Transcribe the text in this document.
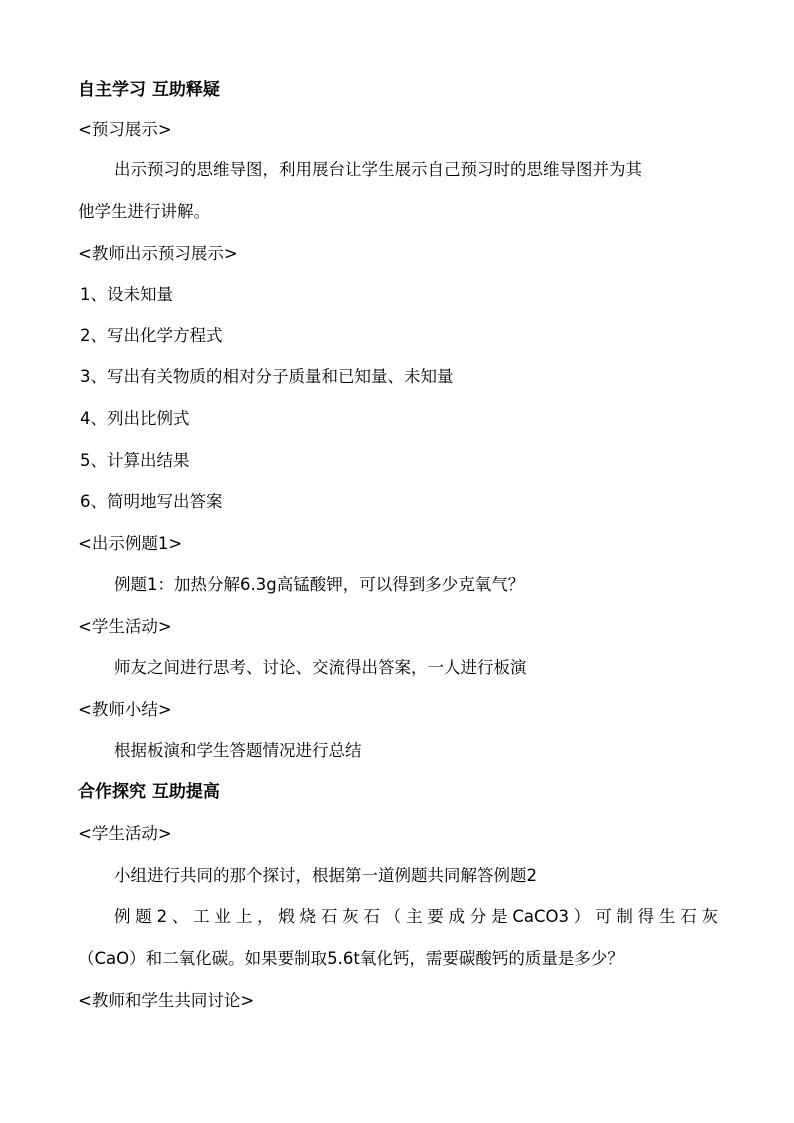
自主学习 互助释疑
<预习展示>
出示预习的思维导图，利用展台让学生展示自己预习时的思维导图并为其
他学生进行讲解。
<教师出示预习展示>
1、设未知量
2、写出化学方程式
3、写出有关物质的相对分子质量和已知量、未知量
4、列出比例式
5、计算出结果
6、简明地写出答案
<出示例题1>
例题1：加热分解6.3g高锰酸钾，可以得到多少克氧气？
<学生活动>
师友之间进行思考、讨论、交流得出答案，一人进行板演
<教师小结>
根据板演和学生答题情况进行总结
合作探究 互助提高
<学生活动>
小组进行共同的那个探讨，根据第一道例题共同解答例题2
例题2、工业上，煅烧石灰石（主要成分是CaCO3）可制得生石灰
（CaO）和二氧化碳。如果要制取5.6t氧化钙，需要碳酸钙的质量是多少？
<教师和学生共同讨论>
